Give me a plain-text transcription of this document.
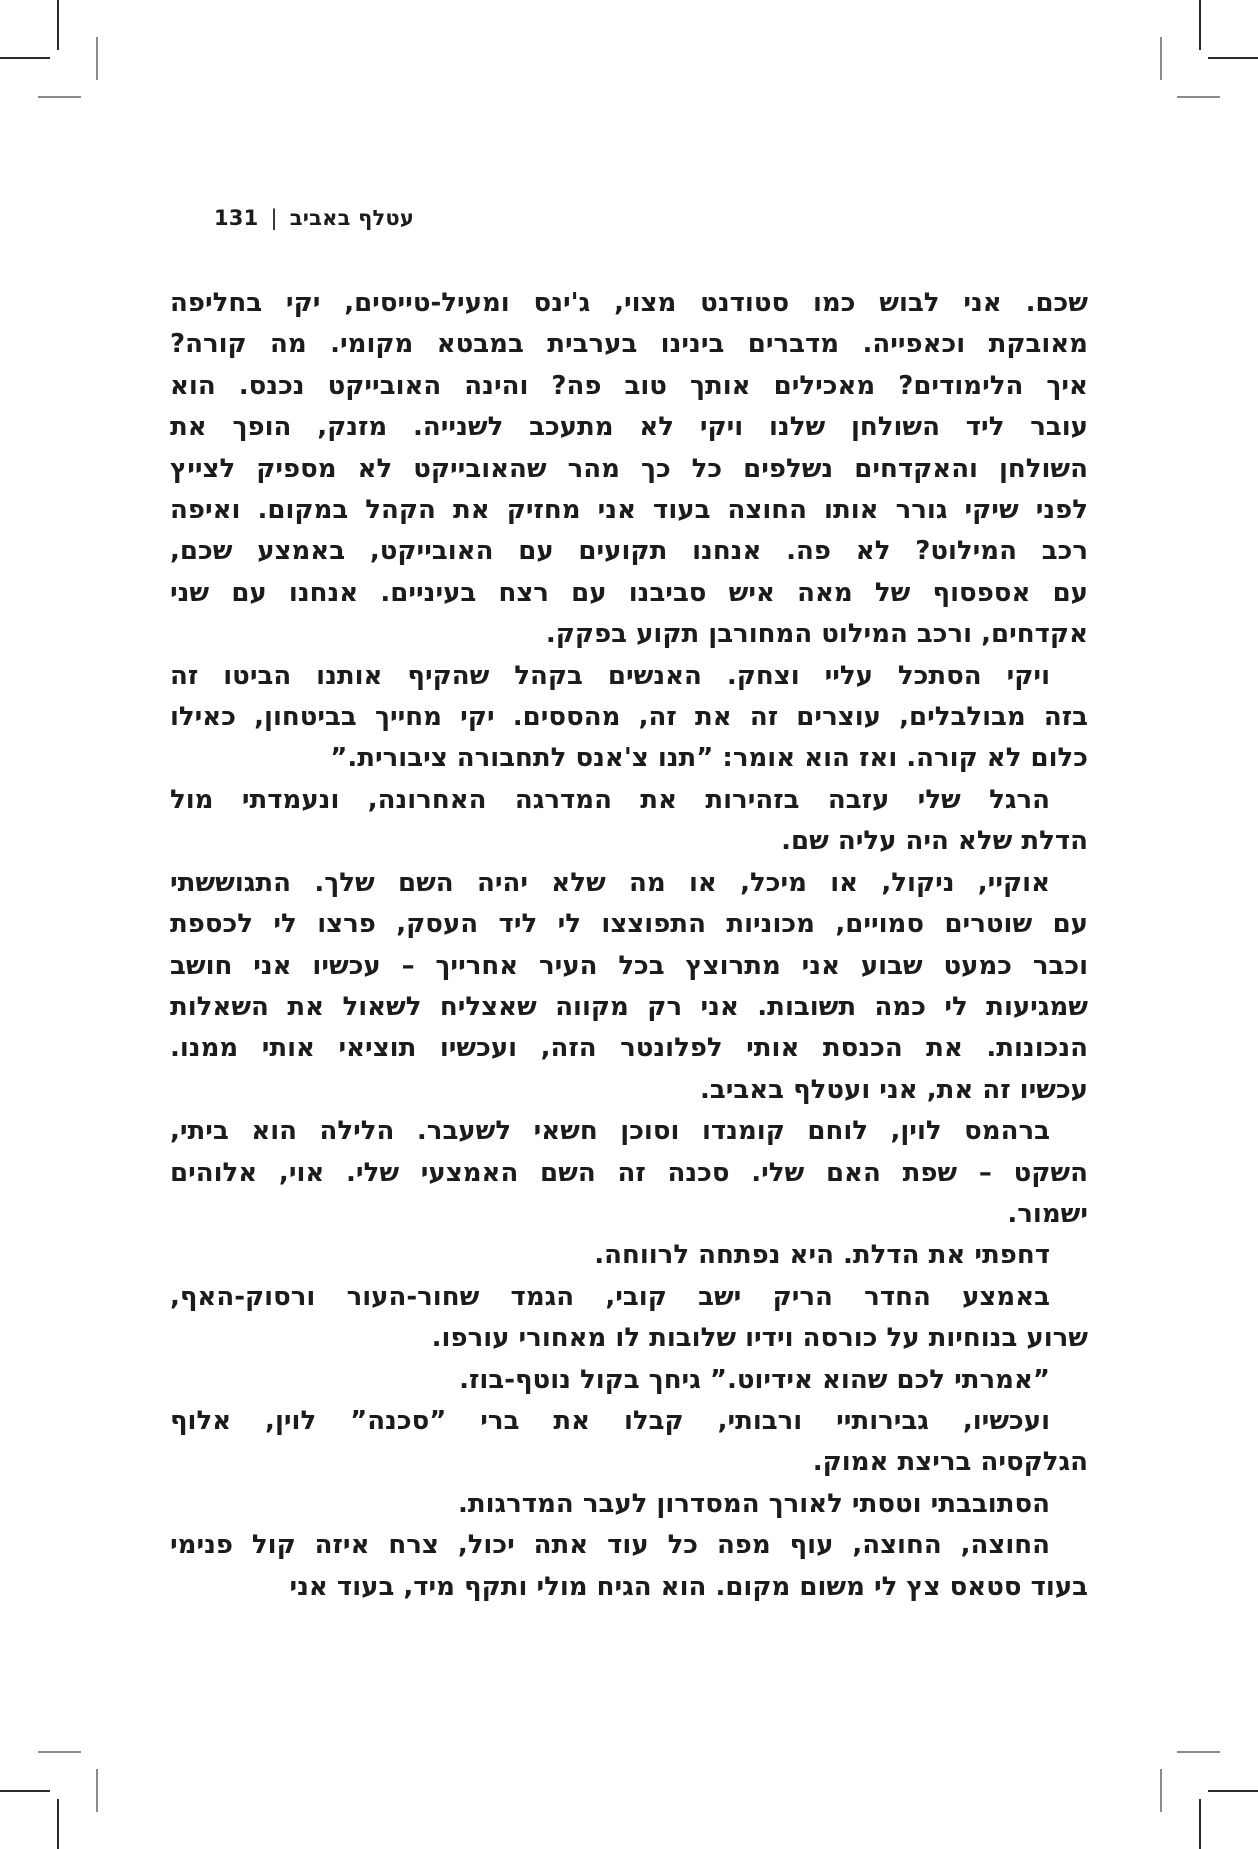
עטלף באביב|131
שכם. אני לבוש כמו סטודנט מצוי, ג'ינס ומעיל-טייסים, יקי בחליפה
מאובקת וכאפייה. מדברים בינינו בערבית במבטא מקומי. מה קורה?
איך הלימודים? מאכילים אותך טוב פה? והינה האובייקט נכנס. הוא
עובר ליד השולחן שלנו ויקי לא מתעכב לשנייה. מזנק, הופך את
השולחן והאקדחים נשלפים כל כך מהר שהאובייקט לא מספיק לצייץ
לפני שיקי גורר אותו החוצה בעוד אני מחזיק את הקהל במקום. ואיפה
רכב המילוט? לא פה. אנחנו תקועים עם האובייקט, באמצע שכם,
עם אספסוף של מאה איש סביבנו עם רצח בעיניים. אנחנו עם שני
אקדחים, ורכב המילוט המחורבן תקוע בפקק.
ויקי הסתכל עליי וצחק. האנשים בקהל שהקיף אותנו הביטו זה
בזה מבולבלים, עוצרים זה את זה, מהססים. יקי מחייך בביטחון, כאילו
כלום לא קורה. ואז הוא אומר: ”תנו צ'אנס לתחבורה ציבורית.”
הרגל שלי עזבה בזהירות את המדרגה האחרונה, ונעמדתי מול
הדלת שלא היה עליה שם.
אוקיי, ניקול, או מיכל, או מה שלא יהיה השם שלך. התגוששתי
עם שוטרים סמויים, מכוניות התפוצצו לי ליד העסק, פרצו לי לכספת
וכבר כמעט שבוע אני מתרוצץ בכל העיר אחרייך – עכשיו אני חושב
שמגיעות לי כמה תשובות. אני רק מקווה שאצליח לשאול את השאלות
הנכונות. את הכנסת אותי לפלונטר הזה, ועכשיו תוציאי אותי ממנו.
עכשיו זה את, אני ועטלף באביב.
ברהמס לוין, לוחם קומנדו וסוכן חשאי לשעבר. הלילה הוא ביתי,
השקט – שפת האם שלי. סכנה זה השם האמצעי שלי. אוי, אלוהים
ישמור.
דחפתי את הדלת. היא נפתחה לרווחה.
באמצע החדר הריק ישב קובי, הגמד שחור-העור ורסוק-האף,
שרוע בנוחיות על כורסה וידיו שלובות לו מאחורי עורפו.
”אמרתי לכם שהוא אידיוט.” גיחך בקול נוטף-בוז.
ועכשיו, גבירותיי ורבותי, קבלו את ברי ”סכנה” לוין, אלוף
הגלקסיה בריצת אמוק.
הסתובבתי וטסתי לאורך המסדרון לעבר המדרגות.
החוצה, החוצה, עוף מפה כל עוד אתה יכול, צרח איזה קול פנימי
בעוד סטאס צץ לי משום מקום. הוא הגיח מולי ותקף מיד, בעוד אני
